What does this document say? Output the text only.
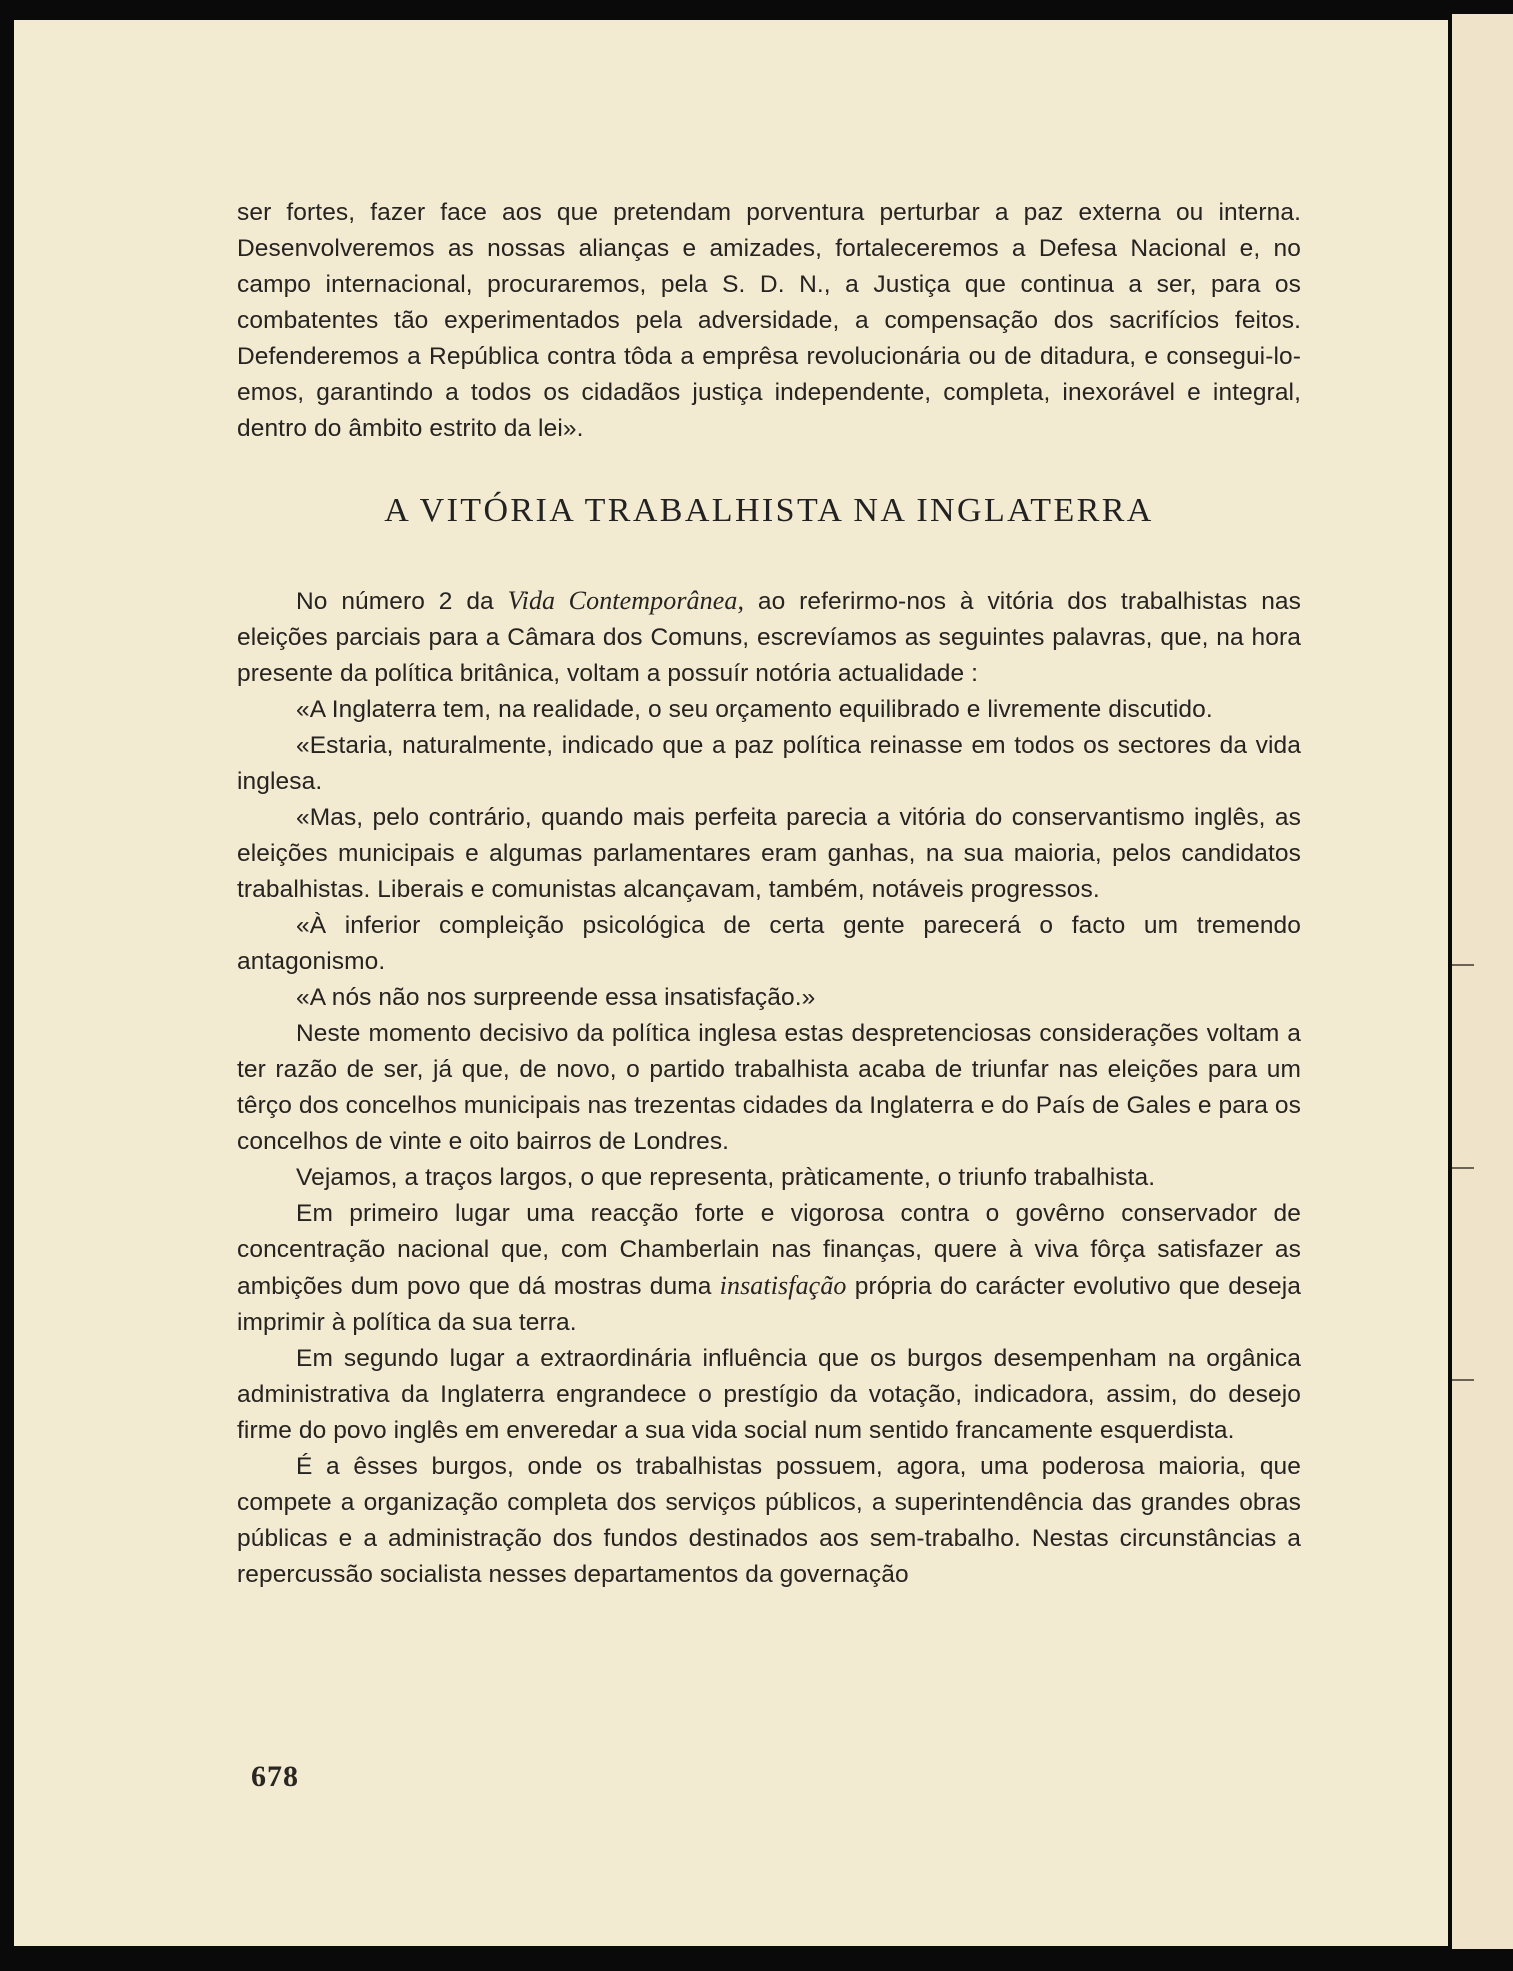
ser fortes, fazer face aos que pretendam porventura perturbar a paz externa ou interna. Desenvolveremos as nossas alianças e amizades, fortaleceremos a Defesa Nacional e, no campo internacional, procuraremos, pela S. D. N., a Justiça que continua a ser, para os combatentes tão experimentados pela adversidade, a compensação dos sacrifícios feitos. Defenderemos a República contra tôda a emprêsa revolucionária ou de ditadura, e consegui-lo-emos, garantindo a todos os cidadãos justiça independente, completa, inexorável e integral, dentro do âmbito estrito da lei».

A VITÓRIA TRABALHISTA NA INGLATERRA

No número 2 da Vida Contemporânea, ao referirmo-nos à vitória dos trabalhistas nas eleições parciais para a Câmara dos Comuns, escrevíamos as seguintes palavras, que, na hora presente da política britânica, voltam a possuír notória actualidade :

«A Inglaterra tem, na realidade, o seu orçamento equilibrado e livremente discutido.

«Estaria, naturalmente, indicado que a paz política reinasse em todos os sectores da vida inglesa.

«Mas, pelo contrário, quando mais perfeita parecia a vitória do conservantismo inglês, as eleições municipais e algumas parlamentares eram ganhas, na sua maioria, pelos candidatos trabalhistas. Liberais e comunistas alcançavam, também, notáveis progressos.

«À inferior compleição psicológica de certa gente parecerá o facto um tremendo antagonismo.

«A nós não nos surpreende essa insatisfação.»

Neste momento decisivo da política inglesa estas despretenciosas considerações voltam a ter razão de ser, já que, de novo, o partido trabalhista acaba de triunfar nas eleições para um têrço dos concelhos municipais nas trezentas cidades da Inglaterra e do País de Gales e para os concelhos de vinte e oito bairros de Londres.

Vejamos, a traços largos, o que representa, pràticamente, o triunfo trabalhista.

Em primeiro lugar uma reacção forte e vigorosa contra o govêrno conservador de concentração nacional que, com Chamberlain nas finanças, quere à viva fôrça satisfazer as ambições dum povo que dá mostras duma insatisfação própria do carácter evolutivo que deseja imprimir à política da sua terra.

Em segundo lugar a extraordinária influência que os burgos desempenham na orgânica administrativa da Inglaterra engrandece o prestígio da votação, indicadora, assim, do desejo firme do povo inglês em enveredar a sua vida social num sentido francamente esquerdista.

É a êsses burgos, onde os trabalhistas possuem, agora, uma poderosa maioria, que compete a organização completa dos serviços públicos, a superintendência das grandes obras públicas e a administração dos fundos destinados aos sem-trabalho. Nestas circunstâncias a repercussão socialista nesses departamentos da governação

678
